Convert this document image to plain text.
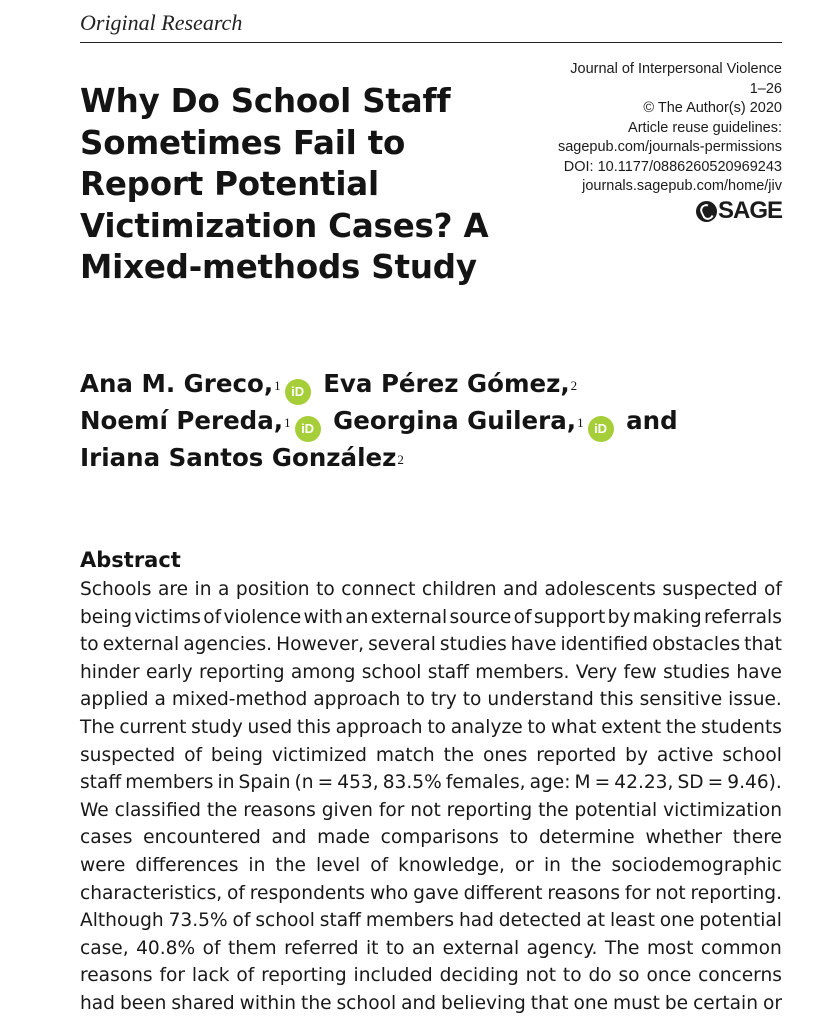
Original Research
Journal of Interpersonal Violence
1–26
© The Author(s) 2020
Article reuse guidelines:
sagepub.com/journals-permissions
DOI: 10.1177/0886260520969243
journals.sagepub.com/home/jiv
SAGE
Why Do School Staff Sometimes Fail to Report Potential Victimization Cases? A Mixed-methods Study
Ana M. Greco,$^1$ iD Eva Pérez Gómez,$^2$
Noemí Pereda,$^1$ iD Georgina Guilera,$^1$ iD and
Iriana Santos González$^2$
Abstract
Schools are in a position to connect children and adolescents suspected of
being victims of violence with an external source of support by making referrals
to external agencies. However, several studies have identified obstacles that
hinder early reporting among school staff members. Very few studies have
applied a mixed-method approach to try to understand this sensitive issue.
The current study used this approach to analyze to what extent the students
suspected of being victimized match the ones reported by active school
staff members in Spain (n = 453, 83.5% females, age: M = 42.23, SD = 9.46).
We classified the reasons given for not reporting the potential victimization
cases encountered and made comparisons to determine whether there
were differences in the level of knowledge, or in the sociodemographic
characteristics, of respondents who gave different reasons for not reporting.
Although 73.5% of school staff members had detected at least one potential
case, 40.8% of them referred it to an external agency. The most common
reasons for lack of reporting included deciding not to do so once concerns
had been shared within the school and believing that one must be certain or
